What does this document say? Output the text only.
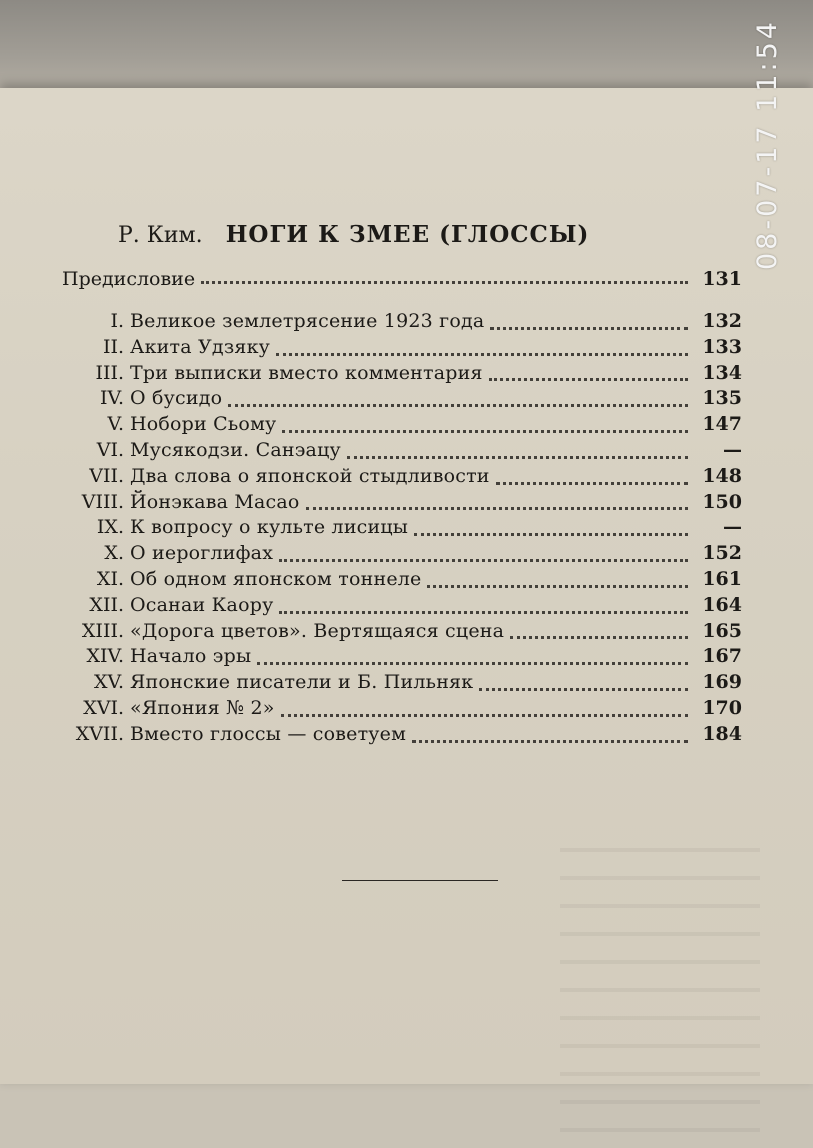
08-07-17 11:54
Р. Ким. НОГИ К ЗМЕЕ (ГЛОССЫ)
Предисловие	131
I. Великое землетрясение 1923 года	132
II. Акита Удзяку	133
III. Три выписки вместо комментария	134
IV. О бусидо	135
V. Нобори Сьому	147
VI. Мусякодзи. Санэацу	—
VII. Два слова о японской стыдливости	148
VIII. Йонэкава Масао	150
IX. К вопросу о культе лисицы	—
X. О иероглифах	152
XI. Об одном японском тоннеле	161
XII. Осанаи Каору	164
XIII. «Дорога цветов». Вертящаяся сцена	165
XIV. Начало эры	167
XV. Японские писатели и Б. Пильняк	169
XVI. «Япония № 2»	170
XVII. Вместо глоссы — советуем	184
